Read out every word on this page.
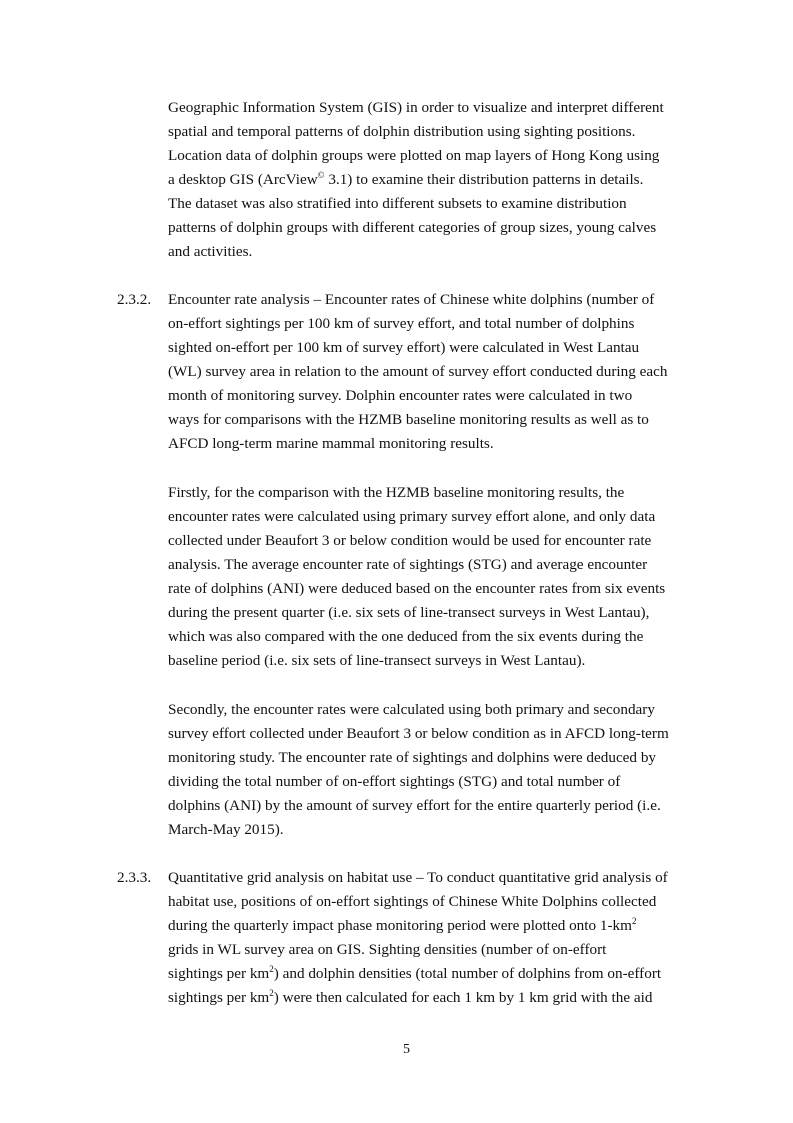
Geographic Information System (GIS) in order to visualize and interpret different
spatial and temporal patterns of dolphin distribution using sighting positions.
Location data of dolphin groups were plotted on map layers of Hong Kong using
a desktop GIS (ArcView© 3.1) to examine their distribution patterns in details.
The dataset was also stratified into different subsets to examine distribution
patterns of dolphin groups with different categories of group sizes, young calves
and activities.

2.3.2. Encounter rate analysis – Encounter rates of Chinese white dolphins (number of
on-effort sightings per 100 km of survey effort, and total number of dolphins
sighted on-effort per 100 km of survey effort) were calculated in West Lantau
(WL) survey area in relation to the amount of survey effort conducted during each
month of monitoring survey. Dolphin encounter rates were calculated in two
ways for comparisons with the HZMB baseline monitoring results as well as to
AFCD long-term marine mammal monitoring results.

Firstly, for the comparison with the HZMB baseline monitoring results, the
encounter rates were calculated using primary survey effort alone, and only data
collected under Beaufort 3 or below condition would be used for encounter rate
analysis. The average encounter rate of sightings (STG) and average encounter
rate of dolphins (ANI) were deduced based on the encounter rates from six events
during the present quarter (i.e. six sets of line-transect surveys in West Lantau),
which was also compared with the one deduced from the six events during the
baseline period (i.e. six sets of line-transect surveys in West Lantau).

Secondly, the encounter rates were calculated using both primary and secondary
survey effort collected under Beaufort 3 or below condition as in AFCD long-term
monitoring study. The encounter rate of sightings and dolphins were deduced by
dividing the total number of on-effort sightings (STG) and total number of
dolphins (ANI) by the amount of survey effort for the entire quarterly period (i.e.
March-May 2015).

2.3.3. Quantitative grid analysis on habitat use – To conduct quantitative grid analysis of
habitat use, positions of on-effort sightings of Chinese White Dolphins collected
during the quarterly impact phase monitoring period were plotted onto $1-km^2$
grids in WL survey area on GIS. Sighting densities (number of on-effort
sightings per $km^2$) and dolphin densities (total number of dolphins from on-effort
sightings per $km^2$) were then calculated for each 1 km by 1 km grid with the aid

5
